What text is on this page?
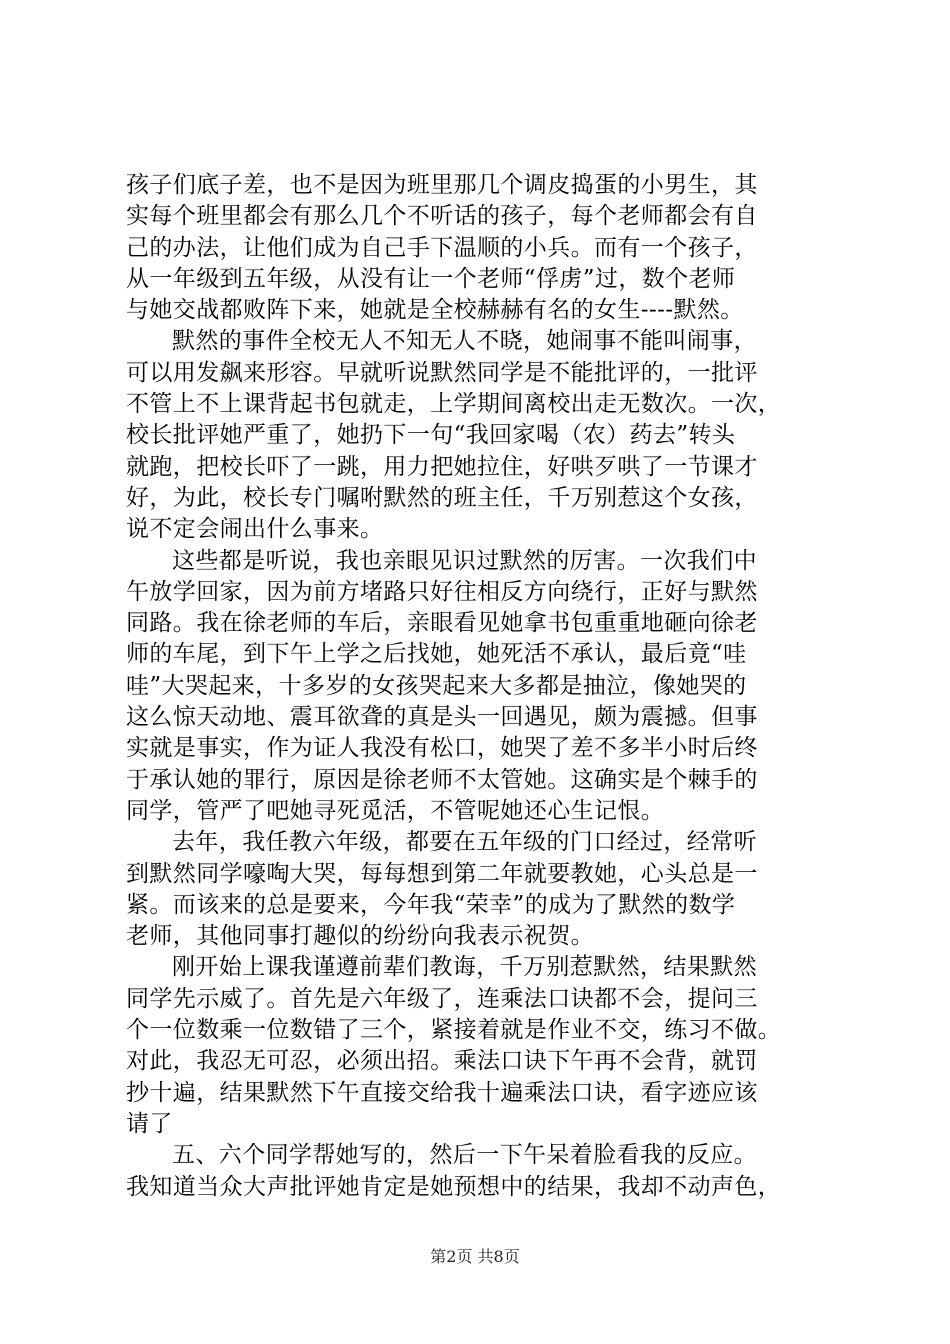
孩子们底子差，也不是因为班里那几个调皮捣蛋的小男生，其
实每个班里都会有那么几个不听话的孩子，每个老师都会有自
己的办法，让他们成为自己手下温顺的小兵。而有一个孩子，
从一年级到五年级，从没有让一个老师“俘虏”过，数个老师
与她交战都败阵下来，她就是全校赫赫有名的女生----默然。

默然的事件全校无人不知无人不晓，她闹事不能叫闹事，
可以用发飙来形容。早就听说默然同学是不能批评的，一批评
不管上不上课背起书包就走，上学期间离校出走无数次。一次，
校长批评她严重了，她扔下一句“我回家喝（农）药去”转头
就跑，把校长吓了一跳，用力把她拉住，好哄歹哄了一节课才
好，为此，校长专门嘱咐默然的班主任，千万别惹这个女孩，
说不定会闹出什么事来。

这些都是听说，我也亲眼见识过默然的厉害。一次我们中
午放学回家，因为前方堵路只好往相反方向绕行，正好与默然
同路。我在徐老师的车后，亲眼看见她拿书包重重地砸向徐老
师的车尾，到下午上学之后找她，她死活不承认，最后竟“哇
哇”大哭起来，十多岁的女孩哭起来大多都是抽泣，像她哭的
这么惊天动地、震耳欲聋的真是头一回遇见，颇为震撼。但事
实就是事实，作为证人我没有松口，她哭了差不多半小时后终
于承认她的罪行，原因是徐老师不太管她。这确实是个棘手的
同学，管严了吧她寻死觅活，不管呢她还心生记恨。

去年，我任教六年级，都要在五年级的门口经过，经常听
到默然同学嚎啕大哭，每每想到第二年就要教她，心头总是一
紧。而该来的总是要来，今年我“荣幸”的成为了默然的数学
老师，其他同事打趣似的纷纷向我表示祝贺。

刚开始上课我谨遵前辈们教诲，千万别惹默然，结果默然
同学先示威了。首先是六年级了，连乘法口诀都不会，提问三
个一位数乘一位数错了三个，紧接着就是作业不交，练习不做。
对此，我忍无可忍，必须出招。乘法口诀下午再不会背，就罚
抄十遍，结果默然下午直接交给我十遍乘法口诀，看字迹应该
请了

五、六个同学帮她写的，然后一下午呆着脸看我的反应。
我知道当众大声批评她肯定是她预想中的结果，我却不动声色，

第2页 共8页
